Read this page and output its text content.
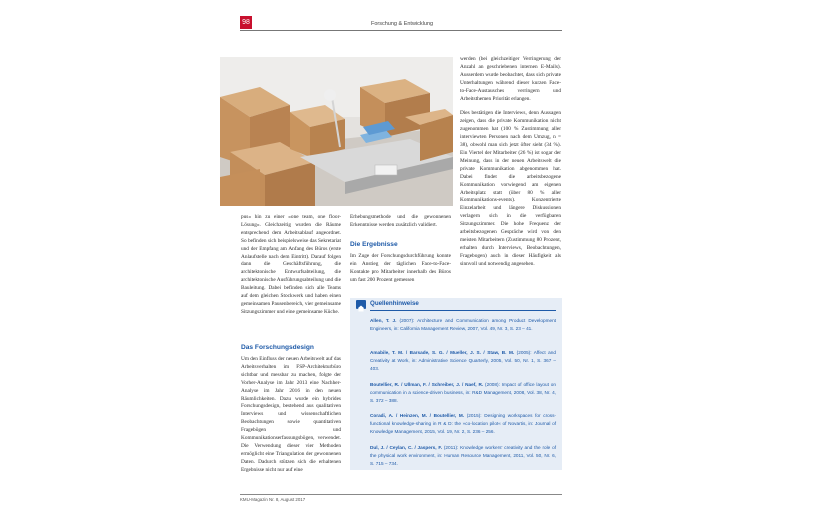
98	Forschung & Entwicklung

pus« hin zu einer »one team, one floor-Lösung«. Gleichzeitig wurden die Räume entsprechend dem Arbeitsablauf angeordnet. So befinden sich beispielsweise das Sekretariat und der Empfang am Anfang des Büros (erste Anlaufstelle nach dem Eintritt). Darauf folgen dann die Geschäftsführung, die architektonische Entwurfsabteilung, die architektonische Ausführungsabteilung und die Bauleitung. Dabei befinden sich alle Teams auf dem gleichen Stockwerk und haben einen gemeinsamen Pausenbereich, vier gemeinsame Sitzungszimmer und eine gemeinsame Küche.

Das Forschungsdesign

Um den Einfluss der neuen Arbeitswelt auf das Arbeitsverhalten im FSP-Architekturbüro sichtbar und messbar zu machen, folgte der Vorher-Analyse im Jahr 2013 eine Nachher-Analyse im Jahr 2016 in den neuen Räumlichkeiten. Dazu wurde ein hybrides Forschungsdesign, bestehend aus qualitativen Interviews und wissenschaftlichen Beobachtungen sowie quantitativen Fragebögen und Kommunikationserfassungsbögen, verwendet. Die Verwendung dieser vier Methoden ermöglicht eine Triangulation der gewonnenen Daten. Dadurch stützen sich die erhaltenen Ergebnisse nicht nur auf eine

Erhebungsmethode und die gewonnenen Erkenntnisse werden zusätzlich validiert.

Die Ergebnisse

Im Zuge der Forschungsdurchführung konnte ein Anstieg der täglichen Face-to-Face-Kontakte pro Mitarbeiter innerhalb des Büros um fast 200 Prozent gemessen

werden (bei gleichzeitiger Verringerung der Anzahl an geschriebenen internen E-Mails). Ausserdem wurde beobachtet, dass sich private Unterhaltungen während dieser kurzen Face-to-Face-Austausches verringern und Arbeitsthemen Priorität erlangen.

Dies bestätigen die Interviews, denn Aussagen zeigen, dass die private Kommunikation nicht zugenommen hat (100 % Zustimmung aller interviewten Personen nach dem Umzug, n = 38), obwohl man sich jetzt öfter sieht (34 %). Ein Viertel der Mitarbeiter (26 %) ist sogar der Meinung, dass in der neuen Arbeitswelt die private Kommunikation abgenommen hat. Dabei findet die arbeitsbezogene Kommunikation vorwiegend am eigenen Arbeitsplatz statt (über 80 % aller Kommunikations-events). Konzentrierte Einzelarbeit und längere Diskussionen verlagern sich in die verfügbaren Sitzungszimmer. Die hohe Frequenz der arbeitsbezogenen Gespräche wird von den meisten Mitarbeitern (Zustimmung 80 Prozent, erhalten durch Interviews, Beobachtungen, Fragebogen) auch in dieser Häufigkeit als sinnvoll und notwendig angesehen.

Quellenhinweise
Allen, T. J. (2007): Architecture and Communication among Product Development Engineers, in: California Management Review, 2007, Vol. 49, Nr. 3, S. 23 – 41.
Amabile, T. M. / Barsade, S. G. / Mueller, J. S. / Staw, B. M. (2005): Affect and Creativity at Work, in: Administrative Science Quarterly, 2005, Vol. 50, Nr. 1, S. 367 – 403.
Boutellier, R. / Ullman, F. / Schreiber, J. / Naef, R. (2008): Impact of office layout on communication in a science-driven business, in: R&D Management, 2008, Vol. 38, Nr. 4, S. 372 – 388.
Coradi, A. / Heinzen, M. / Boutellier, M. (2015): Designing workspaces for cross-functional knowledge-sharing in R & D: the »co-location pilot« of Novartis, in: Journal of Knowledge Management, 2015, Vol. 19, Nr. 2, S. 236 – 256.
Dul, J. / Ceylan, C. / Jaspers, F. (2011): Knowledge workers' creativity and the role of the physical work environment, in: Human Resource Management, 2011, Vol. 50, Nr. 6, S. 715 – 734.
KMU-Magazin Nr. 8, August 2017
